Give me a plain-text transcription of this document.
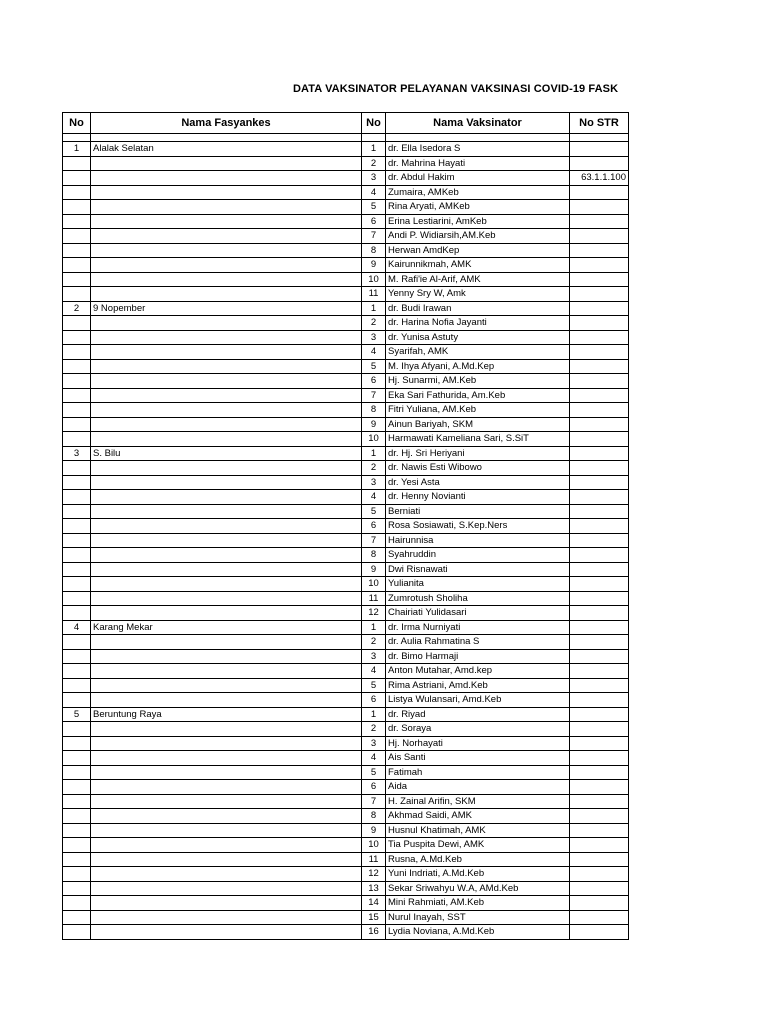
DATA VAKSINATOR PELAYANAN VAKSINASI COVID-19 FASK
No	Nama Fasyankes	No	Nama Vaksinator	No STR

1	Alalak Selatan	1	dr. Ella Isedora S	
		2	dr. Mahrina Hayati	
		3	dr. Abdul Hakim	63.1.1.100
		4	Zumaira, AMKeb	
		5	Rina Aryati, AMKeb	
		6	Erina Lestiarini, AmKeb	
		7	Andi P. Widiarsih,AM.Keb	
		8	Herwan AmdKep	
		9	Kairunnikmah, AMK	
		10	M. Rafi'ie Al-Arif, AMK	
		11	Yenny Sry W, Amk	
2	9 Nopember	1	dr. Budi Irawan	
		2	dr. Harina Nofia Jayanti	
		3	dr. Yunisa Astuty	
		4	Syarifah, AMK	
		5	M. Ihya Afyani, A.Md.Kep	
		6	Hj. Sunarmi, AM.Keb	
		7	Eka Sari Fathurida, Am.Keb	
		8	Fitri Yuliana, AM.Keb	
		9	Ainun Bariyah, SKM	
		10	Harmawati Kameliana Sari, S.SiT	
3	S. Bilu	1	dr. Hj. Sri Heriyani	
		2	dr. Nawis Esti Wibowo	
		3	dr. Yesi Asta	
		4	dr. Henny Novianti	
		5	Berniati	
		6	Rosa Sosiawati, S.Kep.Ners	
		7	Hairunnisa	
		8	Syahruddin	
		9	Dwi Risnawati	
		10	Yulianita	
		11	Zumrotush Sholiha	
		12	Chairiati Yulidasari	
4	Karang Mekar	1	dr. Irma Nurniyati	
		2	dr. Aulia Rahmatina S	
		3	dr. Bimo Harmaji	
		4	Anton Mutahar, Amd.kep	
		5	Rima Astriani, Amd.Keb	
		6	Listya Wulansari, Amd.Keb	
5	Beruntung Raya	1	dr. Riyad	
		2	dr. Soraya	
		3	Hj. Norhayati	
		4	Ais Santi	
		5	Fatimah	
		6	Aida	
		7	H. Zainal Arifin, SKM	
		8	Akhmad Saidi, AMK	
		9	Husnul Khatimah, AMK	
		10	Tia Puspita Dewi, AMK	
		11	Rusna, A.Md.Keb	
		12	Yuni Indriati, A.Md.Keb	
		13	Sekar Sriwahyu W.A, AMd.Keb	
		14	Mini Rahmiati, AM.Keb	
		15	Nurul Inayah, SST	
		16	Lydia Noviana, A.Md.Keb	
